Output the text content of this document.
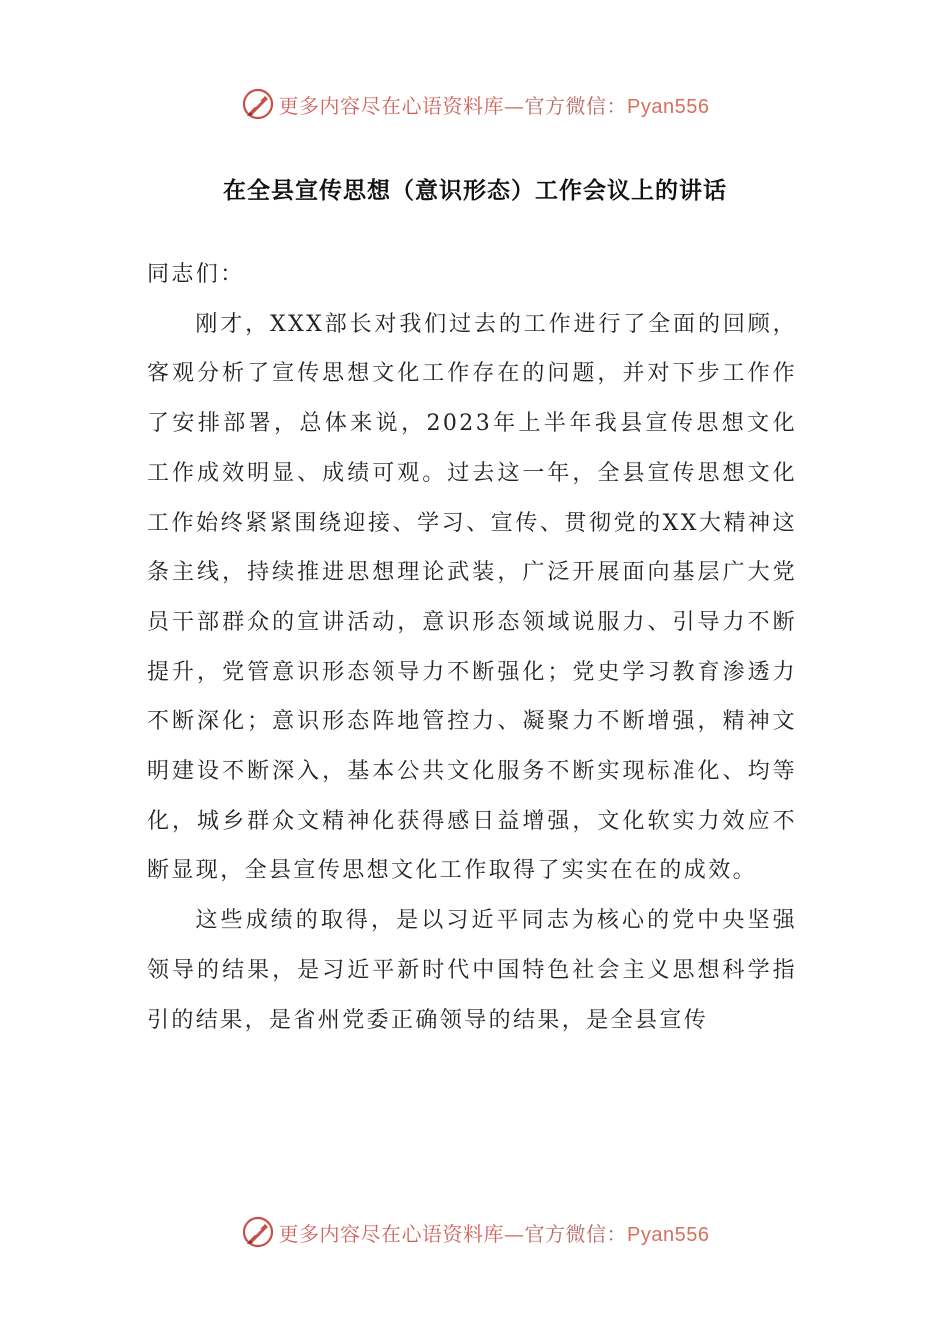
更多内容尽在心语资料库—官方微信：Pyan556
在全县宣传思想（意识形态）工作会议上的讲话

同志们：

刚才，XXX部长对我们过去的工作进行了全面的回顾，客观分析了宣传思想文化工作存在的问题，并对下步工作作了安排部署，总体来说，2023年上半年我县宣传思想文化工作成效明显、成绩可观。过去这一年，全县宣传思想文化工作始终紧紧围绕迎接、学习、宣传、贯彻党的XX大精神这条主线，持续推进思想理论武装，广泛开展面向基层广大党员干部群众的宣讲活动，意识形态领域说服力、引导力不断提升，党管意识形态领导力不断强化；党史学习教育渗透力不断深化；意识形态阵地管控力、凝聚力不断增强，精神文明建设不断深入，基本公共文化服务不断实现标准化、均等化，城乡群众文精神化获得感日益增强，文化软实力效应不断显现，全县宣传思想文化工作取得了实实在在的成效。

这些成绩的取得，是以习近平同志为核心的党中央坚强领导的结果，是习近平新时代中国特色社会主义思想科学指引的结果，是省州党委正确领导的结果，是全县宣传

更多内容尽在心语资料库—官方微信：Pyan556
